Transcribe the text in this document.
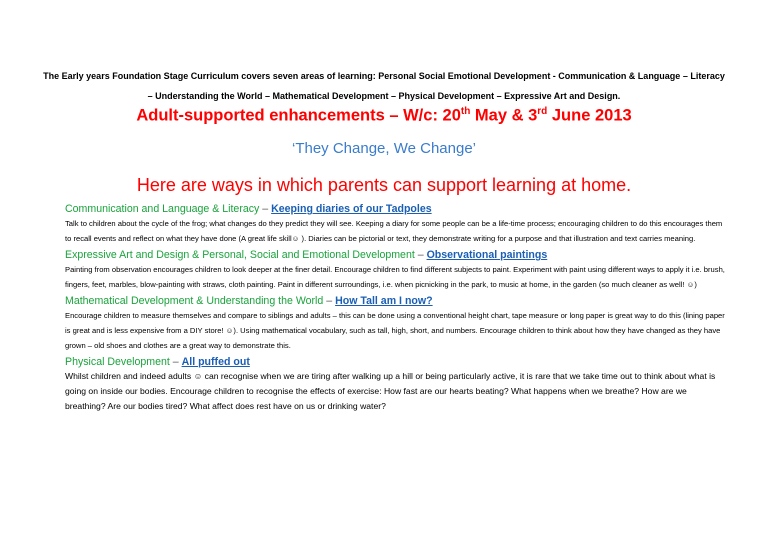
The Early years Foundation Stage Curriculum covers seven areas of learning: Personal Social Emotional Development - Communication & Language – Literacy – Understanding the World – Mathematical Development – Physical Development – Expressive Art and Design.
Adult-supported enhancements – W/c: 20th May & 3rd June 2013
‘They Change, We Change’
Here are ways in which parents can support learning at home.
Communication and Language & Literacy – Keeping diaries of our Tadpoles
Talk to children about the cycle of the frog; what changes do they predict they will see. Keeping a diary for some people can be a life-time process; encouraging children to do this encourages them to recall events and reflect on what they have done (A great life skill☺ ). Diaries can be pictorial or text, they demonstrate writing for a purpose and that illustration and text carries meaning.
Expressive Art and Design & Personal, Social and Emotional Development – Observational paintings
Painting from observation encourages children to look deeper at the finer detail. Encourage children to find different subjects to paint. Experiment with paint using different ways to apply it i.e. brush, fingers, feet, marbles, blow-painting with straws, cloth painting. Paint in different surroundings, i.e. when picnicking in the park, to music at home, in the garden (so much cleaner as well! ☺)
Mathematical Development & Understanding the World – How Tall am I now?
Encourage children to measure themselves and compare to siblings and adults – this can be done using a conventional height chart, tape measure or long paper is great way to do this (lining paper is great and is less expensive from a DIY store! ☺). Using mathematical vocabulary, such as tall, high, short, and numbers. Encourage children to think about how they have changed as they have grown – old shoes and clothes are a great way to demonstrate this.
Physical Development – All puffed out
Whilst children and indeed adults ☺ can recognise when we are tiring after walking up a hill or being particularly active, it is rare that we take time out to think about what is going on inside our bodies. Encourage children to recognise the effects of exercise: How fast are our hearts beating? What happens when we breathe? How are we breathing? Are our bodies tired? What affect does rest have on us or drinking water?
